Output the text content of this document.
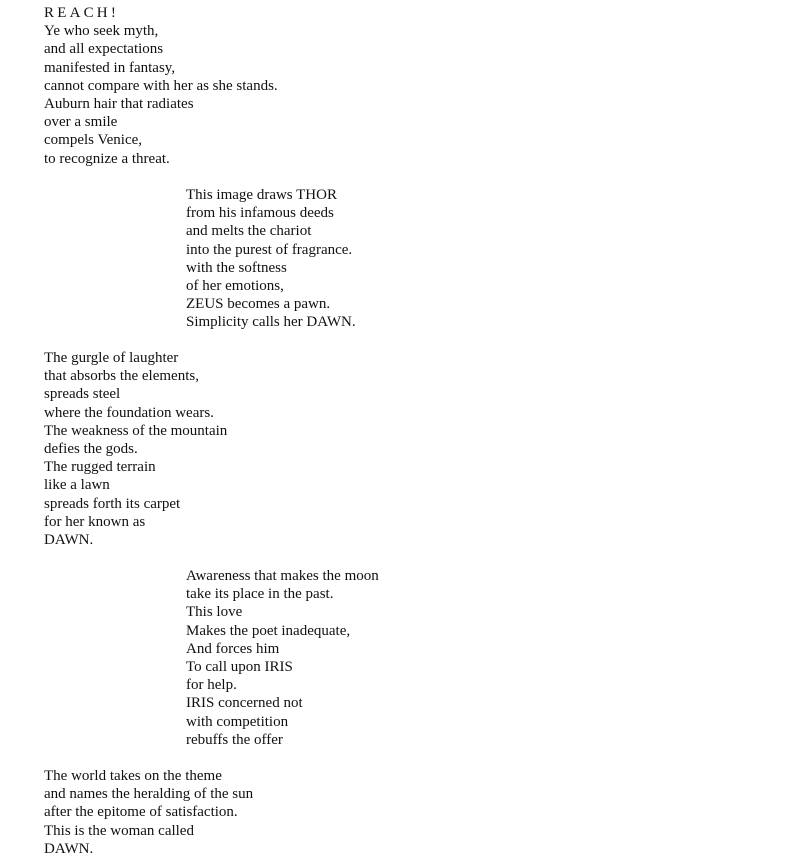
REACH!
Ye who seek myth,
and all expectations
manifested in fantasy,
cannot compare with her as she stands.
Auburn hair that radiates
over a smile
compels Venice,
to recognize a threat.
This image draws THOR
from his infamous deeds
and melts the chariot
into the purest of fragrance.
with the softness
of her emotions,
ZEUS becomes a pawn.
Simplicity calls her DAWN.
The gurgle of laughter
that absorbs the elements,
spreads steel
where the foundation wears.
The weakness of the mountain
defies the gods.
The rugged terrain
like a lawn
spreads forth its carpet
for her known as
DAWN.
Awareness that makes the moon
take its place in the past.
This love
Makes the poet inadequate,
And forces him
To call upon IRIS
for help.
IRIS concerned not
with competition
rebuffs the offer
The world takes on the theme
and names the heralding of the sun
after the epitome of satisfaction.
This is the woman called
DAWN.
